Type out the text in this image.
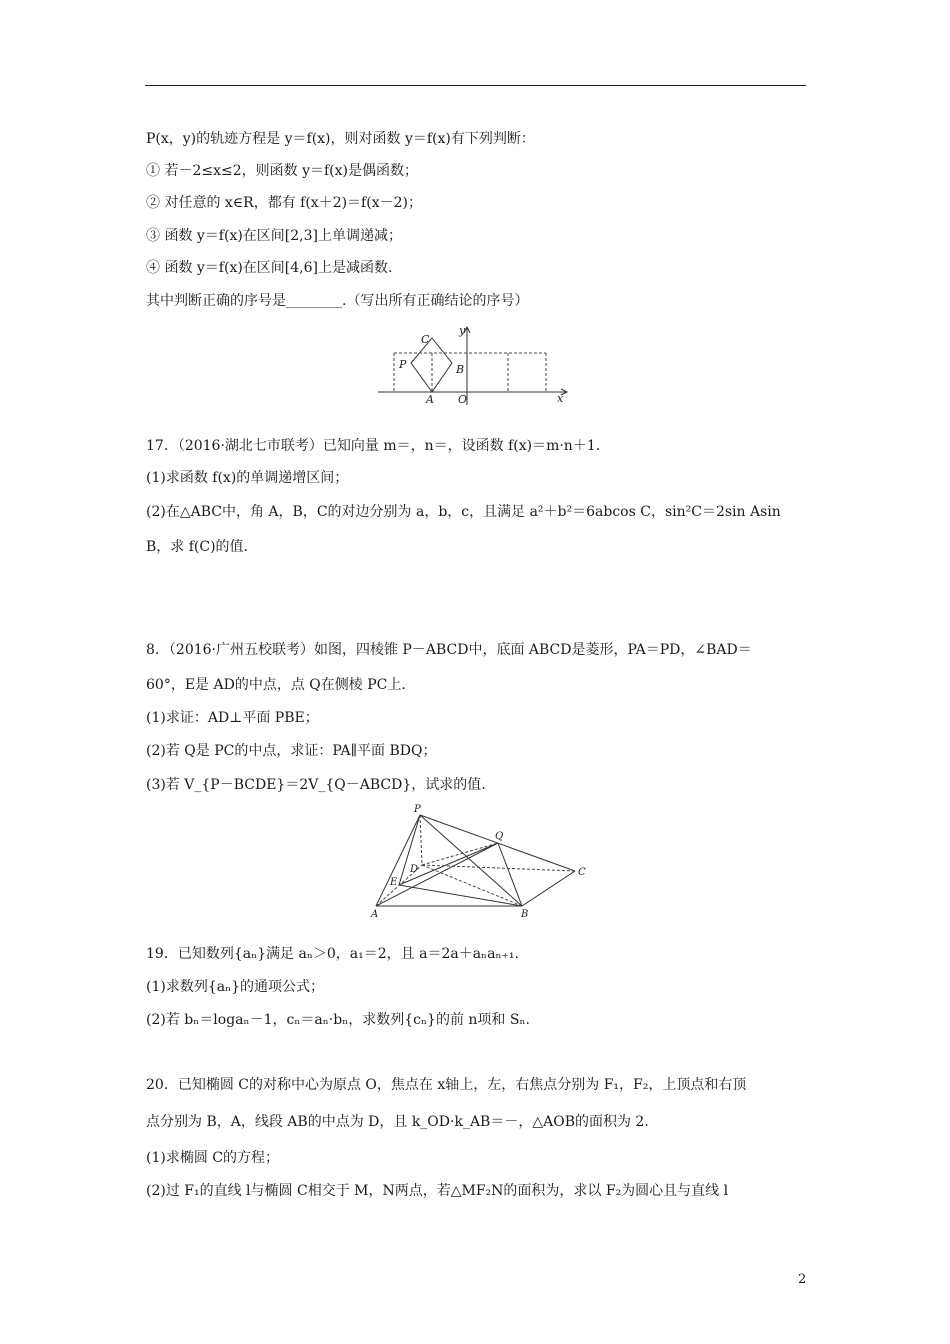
P(x，y)的轨迹方程是 y＝f(x)，则对函数 y＝f(x)有下列判断：
① 若－2≤x≤2，则函数 y＝f(x)是偶函数；
② 对任意的 x∈R，都有 f(x＋2)＝f(x－2)；
③ 函数 y＝f(x)在区间[2,3]上单调递减；
④ 函数 y＝f(x)在区间[4,6]上是减函数.
其中判断正确的序号是________.（写出所有正确结论的序号）
C
P	B
A O	x
y
17．（2016·湖北七市联考）已知向量 m＝，n＝，设函数 f(x)＝m·n＋1.
(1)求函数 f(x)的单调递增区间；
(2)在△ABC中，角 A，B，C的对边分别为 a，b，c，且满足 a²＋b²＝6abcos C，sin²C＝2sin Asin
B，求 f(C)的值.
8．（2016·广州五校联考）如图，四棱锥 P－ABCD中，底面 ABCD是菱形，PA＝PD，∠BAD＝
60°，E是 AD的中点，点 Q在侧棱 PC上.
(1)求证：AD⊥平面 PBE；
(2)若 Q是 PC的中点，求证：PA∥平面 BDQ；
(3)若 V_{P－BCDE}＝2V_{Q－ABCD}，试求的值.
P
Q
D	C
E
A	B
19．已知数列{aₙ}满足 aₙ＞0，a₁＝2，且 a＝2a＋aₙaₙ₊₁.
(1)求数列{aₙ}的通项公式；
(2)若 bₙ＝logaₙ－1，cₙ＝aₙ·bₙ，求数列{cₙ}的前 n项和 Sₙ.
20．已知椭圆 C的对称中心为原点 O，焦点在 x轴上，左，右焦点分别为 F₁，F₂，上顶点和右顶
点分别为 B，A，线段 AB的中点为 D，且 k_OD·k_AB＝－，△AOB的面积为 2.
(1)求椭圆 C的方程；
(2)过 F₁的直线 l与椭圆 C相交于 M，N两点，若△MF₂N的面积为，求以 F₂为圆心且与直线 l
2
